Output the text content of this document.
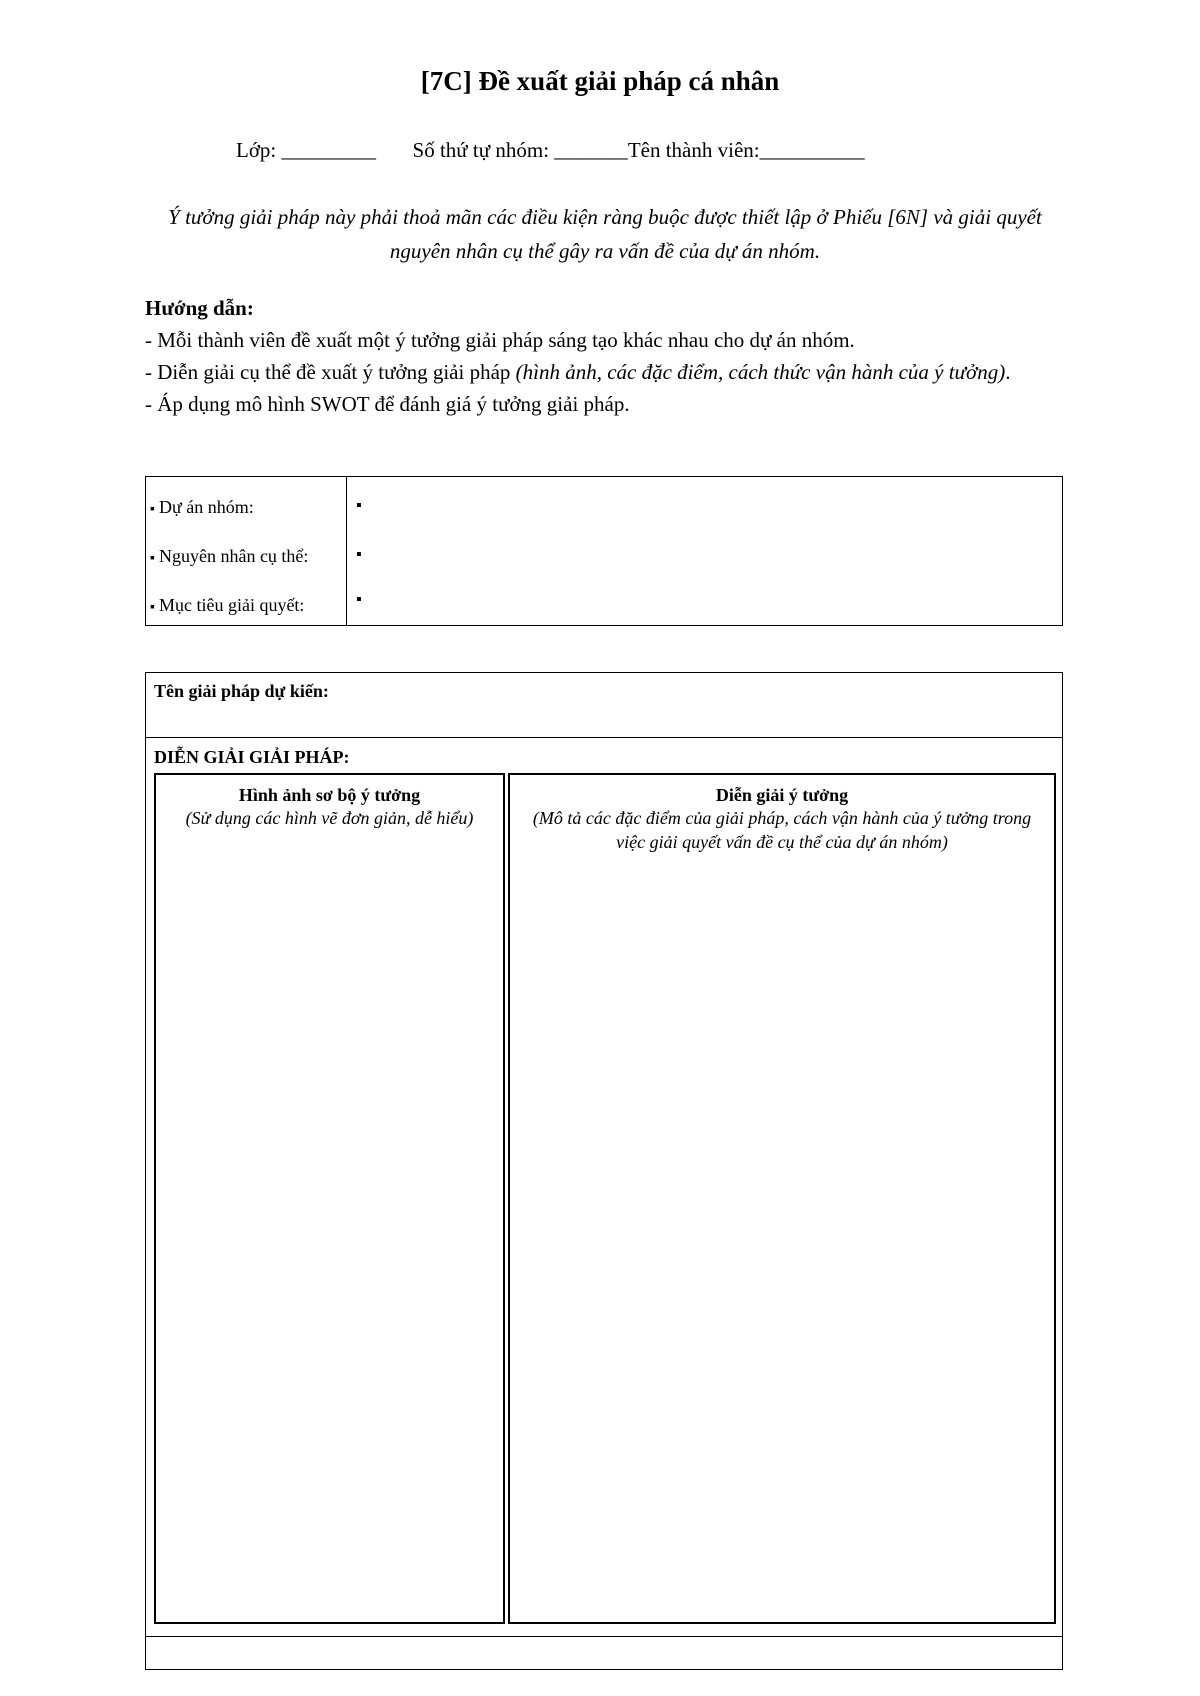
[7C] Đề xuất giải pháp cá nhân
Lớp: _________ Số thứ tự nhóm: _______Tên thành viên:__________
Ý tưởng giải pháp này phải thoả mãn các điều kiện ràng buộc được thiết lập ở Phiếu [6N] và giải quyết nguyên nhân cụ thể gây ra vấn đề của dự án nhóm.
Hướng dẫn:
- Mỗi thành viên đề xuất một ý tưởng giải pháp sáng tạo khác nhau cho dự án nhóm.
- Diễn giải cụ thể đề xuất ý tưởng giải pháp (hình ảnh, các đặc điểm, cách thức vận hành của ý tưởng).
- Áp dụng mô hình SWOT để đánh giá ý tưởng giải pháp.
▪ Dự án nhóm:	▪
▪ Nguyên nhân cụ thể:	▪
▪ Mục tiêu giải quyết:	▪
Tên giải pháp dự kiến:
DIỄN GIẢI GIẢI PHÁP:
Hình ảnh sơ bộ ý tưởng
(Sử dụng các hình vẽ đơn giản, dễ hiểu)
Diễn giải ý tưởng
(Mô tả các đặc điểm của giải pháp, cách vận hành của ý tưởng trong việc giải quyết vấn đề cụ thể của dự án nhóm)
